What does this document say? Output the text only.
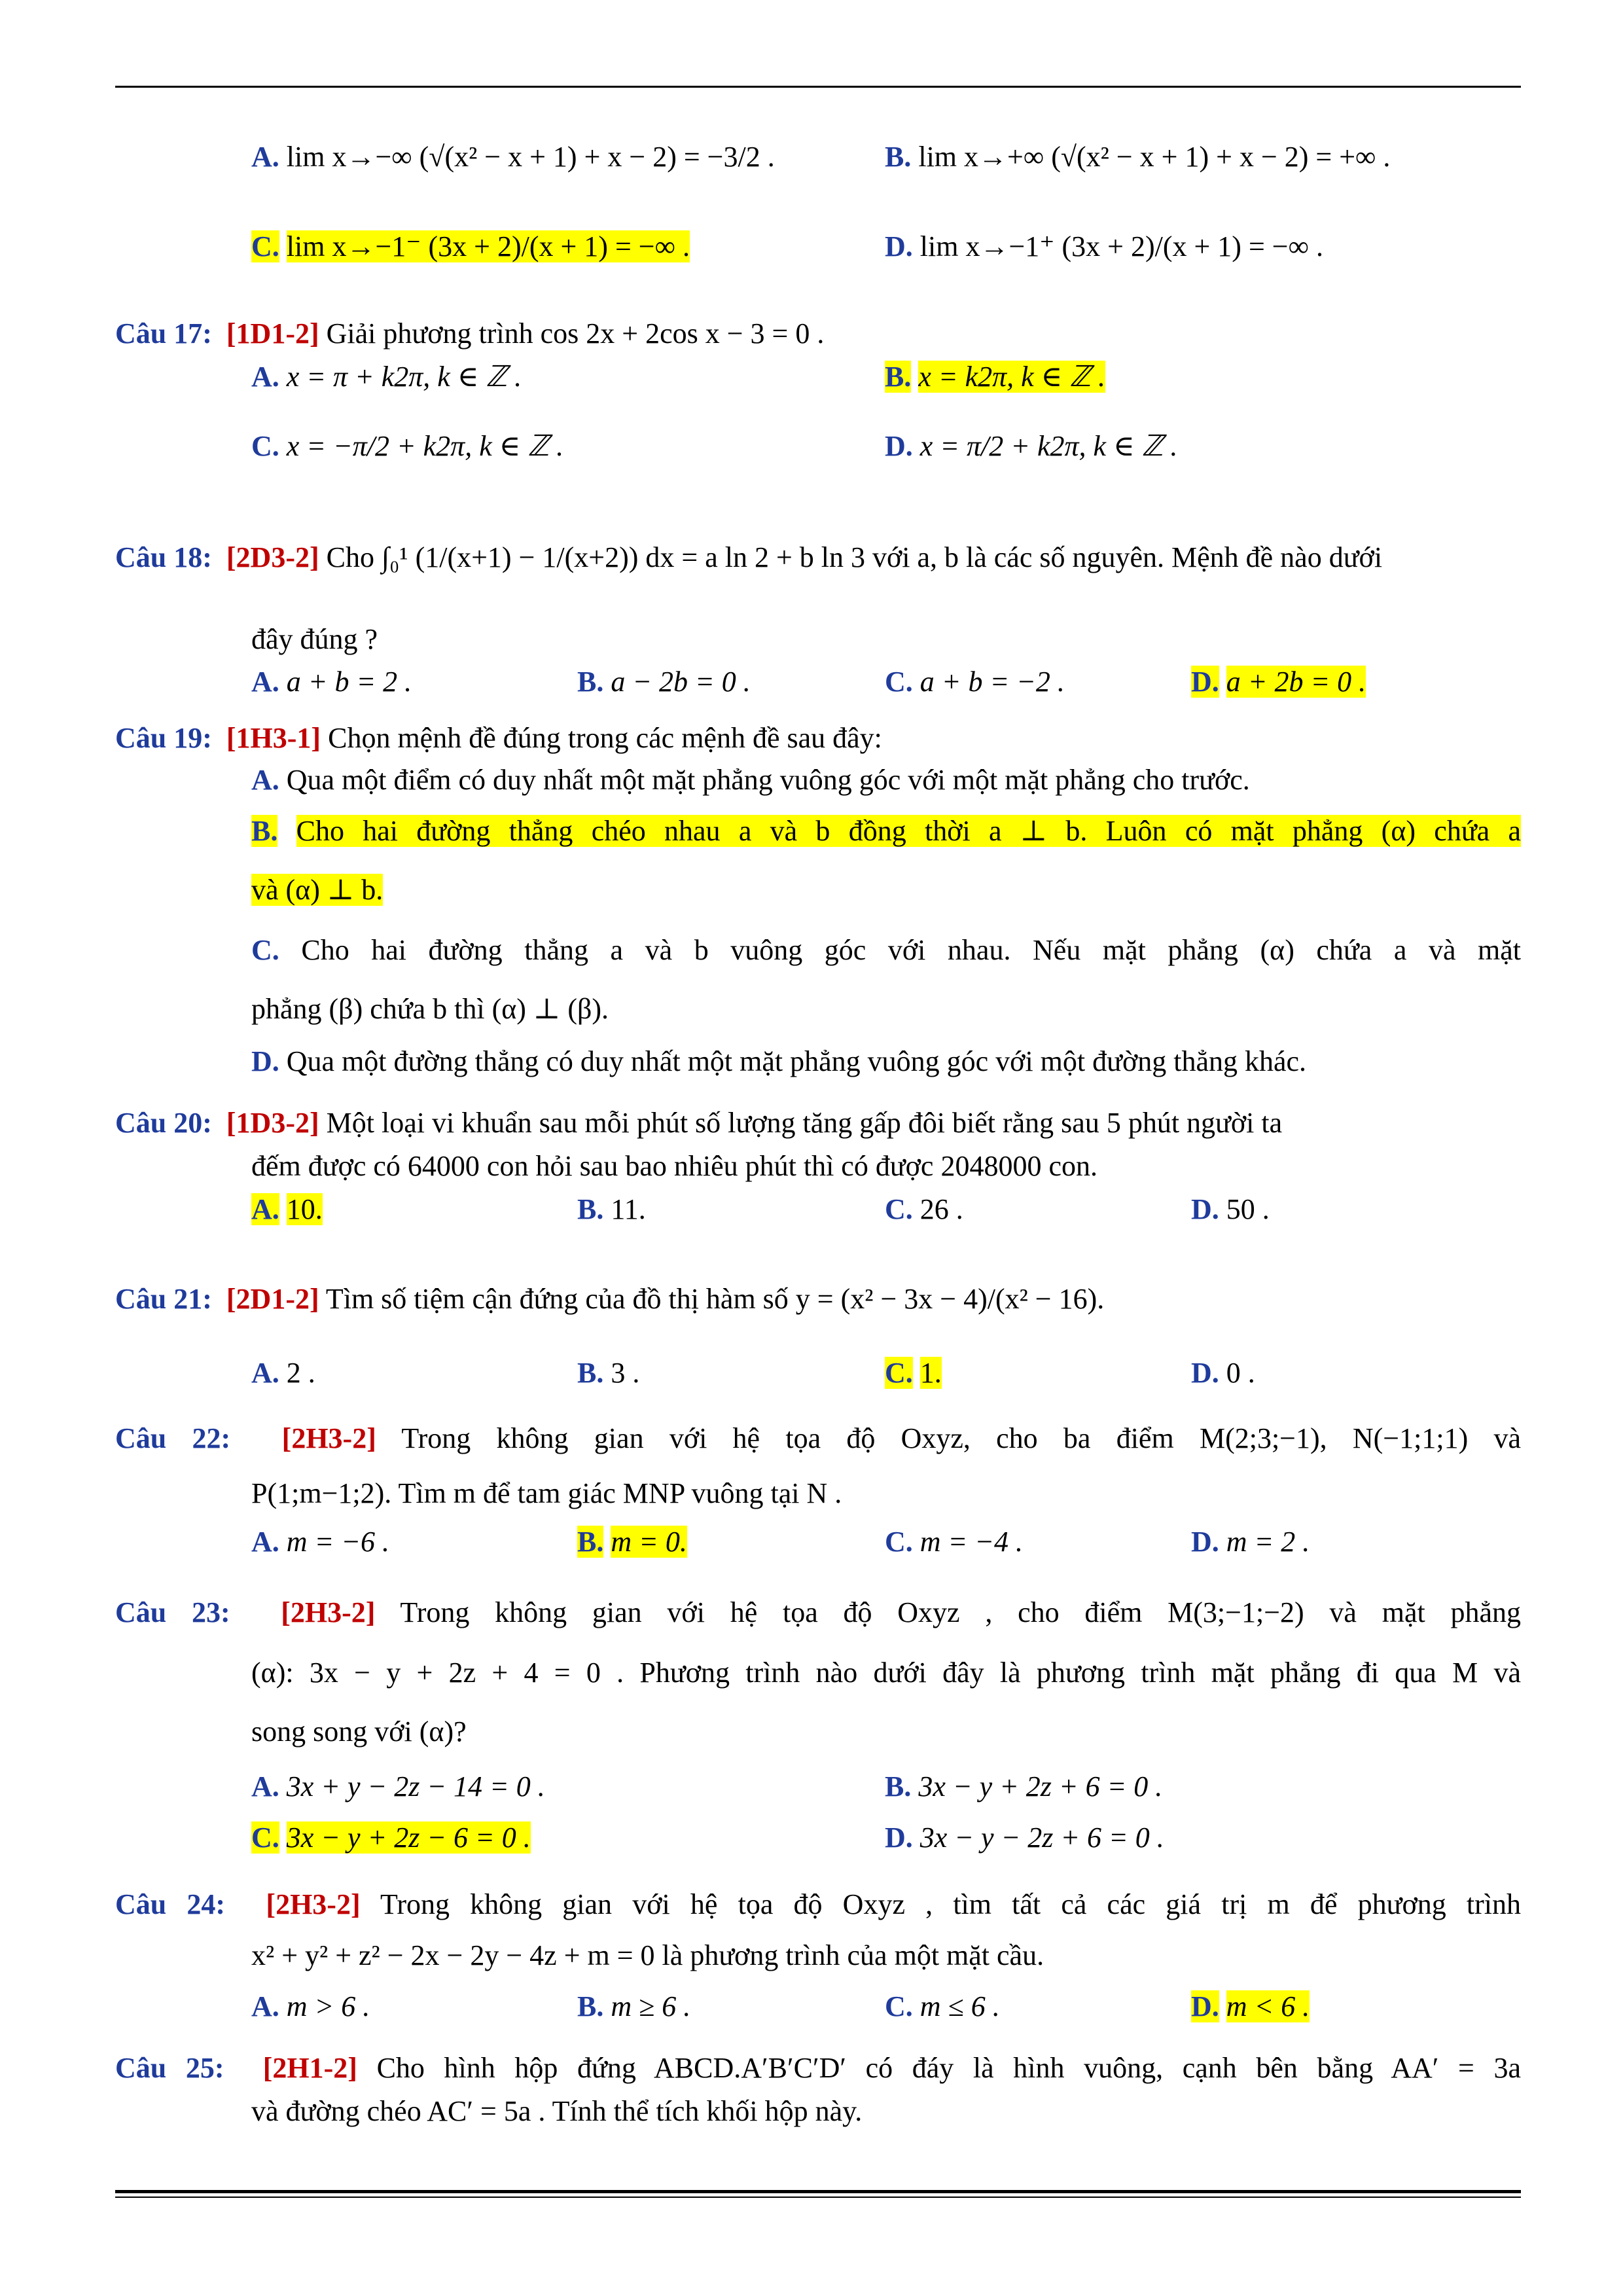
A. lim x→−∞ (√(x² − x + 1) + x − 2) = −3/2 .	B. lim x→+∞ (√(x² − x + 1) + x − 2) = +∞ .
C. lim x→−1⁻ (3x + 2)/(x + 1) = −∞ .	D. lim x→−1⁺ (3x + 2)/(x + 1) = −∞ .
Câu 17: [1D1-2] Giải phương trình cos 2x + 2cos x − 3 = 0 .
A. x = π + k2π, k ∈ ℤ .	B. x = k2π, k ∈ ℤ .
C. x = −π/2 + k2π, k ∈ ℤ .	D. x = π/2 + k2π, k ∈ ℤ .
Câu 18: [2D3-2] Cho ∫₀¹ (1/(x+1) − 1/(x+2)) dx = a ln 2 + b ln 3 với a, b là các số nguyên. Mệnh đề nào dưới
đây đúng ?
A. a + b = 2 .	B. a − 2b = 0 .	C. a + b = −2 .	D. a + 2b = 0 .
Câu 19: [1H3-1] Chọn mệnh đề đúng trong các mệnh đề sau đây:
A. Qua một điểm có duy nhất một mặt phẳng vuông góc với một mặt phẳng cho trước.
B. Cho hai đường thẳng chéo nhau a và b đồng thời a ⊥ b. Luôn có mặt phẳng (α) chứa a
và (α) ⊥ b.
C. Cho hai đường thẳng a và b vuông góc với nhau. Nếu mặt phẳng (α) chứa a và mặt
phẳng (β) chứa b thì (α) ⊥ (β).
D. Qua một đường thẳng có duy nhất một mặt phẳng vuông góc với một đường thẳng khác.
Câu 20: [1D3-2] Một loại vi khuẩn sau mỗi phút số lượng tăng gấp đôi biết rằng sau 5 phút người ta
đếm được có 64000 con hỏi sau bao nhiêu phút thì có được 2048000 con.
A. 10.	B. 11.	C. 26 .	D. 50 .
Câu 21: [2D1-2] Tìm số tiệm cận đứng của đồ thị hàm số y = (x² − 3x − 4)/(x² − 16).
A. 2 .	B. 3 .	C. 1.	D. 0 .
Câu 22: [2H3-2] Trong không gian với hệ tọa độ Oxyz, cho ba điểm M(2;3;−1), N(−1;1;1) và
P(1;m−1;2). Tìm m để tam giác MNP vuông tại N .
A. m = −6 .	B. m = 0.	C. m = −4 .	D. m = 2 .
Câu 23: [2H3-2] Trong không gian với hệ tọa độ Oxyz , cho điểm M(3;−1;−2) và mặt phẳng
(α): 3x − y + 2z + 4 = 0 . Phương trình nào dưới đây là phương trình mặt phẳng đi qua M và
song song với (α)?
A. 3x + y − 2z − 14 = 0 .	B. 3x − y + 2z + 6 = 0 .
C. 3x − y + 2z − 6 = 0 .	D. 3x − y − 2z + 6 = 0 .
Câu 24: [2H3-2] Trong không gian với hệ tọa độ Oxyz , tìm tất cả các giá trị m để phương trình
x² + y² + z² − 2x − 2y − 4z + m = 0 là phương trình của một mặt cầu.
A. m > 6 .	B. m ≥ 6 .	C. m ≤ 6 .	D. m < 6 .
Câu 25: [2H1-2] Cho hình hộp đứng ABCD.A′B′C′D′ có đáy là hình vuông, cạnh bên bằng AA′ = 3a
và đường chéo AC′ = 5a . Tính thể tích khối hộp này.
